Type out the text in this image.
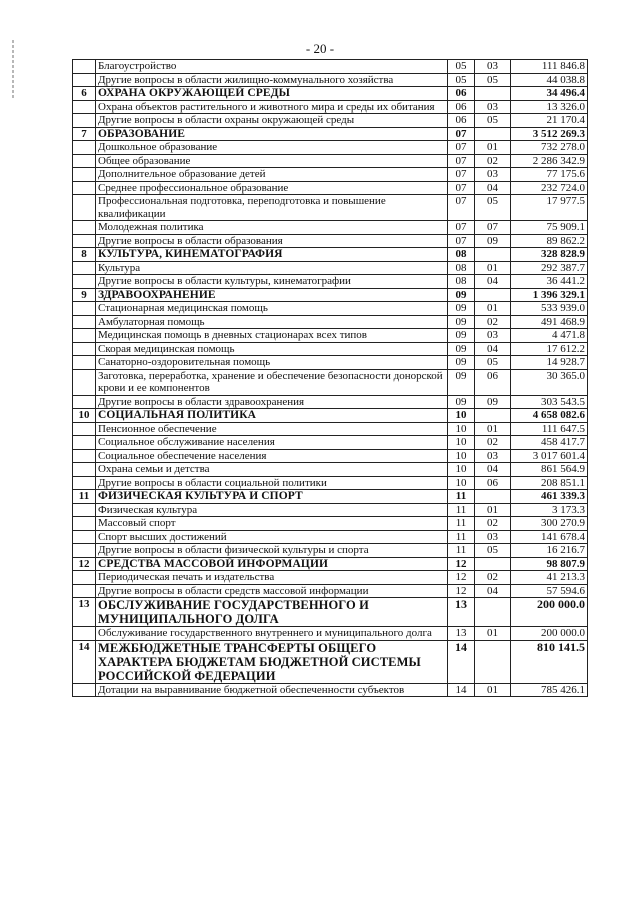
- 20 -
	Благоустройство	05	03	111 846.8
	Другие вопросы в области жилищно-коммунального хозяйства	05	05	44 038.8
6	ОХРАНА ОКРУЖАЮЩЕЙ СРЕДЫ	06		34 496.4
	Охрана объектов растительного и животного мира и среды их обитания	06	03	13 326.0
	Другие вопросы в области охраны окружающей среды	06	05	21 170.4
7	ОБРАЗОВАНИЕ	07		3 512 269.3
	Дошкольное образование	07	01	732 278.0
	Общее образование	07	02	2 286 342.9
	Дополнительное образование детей	07	03	77 175.6
	Среднее профессиональное образование	07	04	232 724.0
	Профессиональная подготовка, переподготовка и повышение квалификации	07	05	17 977.5
	Молодежная политика	07	07	75 909.1
	Другие вопросы в области образования	07	09	89 862.2
8	КУЛЬТУРА, КИНЕМАТОГРАФИЯ	08		328 828.9
	Культура	08	01	292 387.7
	Другие вопросы в области культуры, кинематографии	08	04	36 441.2
9	ЗДРАВООХРАНЕНИЕ	09		1 396 329.1
	Стационарная медицинская помощь	09	01	533 939.0
	Амбулаторная помощь	09	02	491 468.9
	Медицинская помощь в дневных стационарах всех типов	09	03	4 471.8
	Скорая медицинская помощь	09	04	17 612.2
	Санаторно-оздоровительная помощь	09	05	14 928.7
	Заготовка, переработка, хранение и обеспечение безопасности донорской крови и ее компонентов	09	06	30 365.0
	Другие вопросы в области здравоохранения	09	09	303 543.5
10	СОЦИАЛЬНАЯ ПОЛИТИКА	10		4 658 082.6
	Пенсионное обеспечение	10	01	111 647.5
	Социальное обслуживание населения	10	02	458 417.7
	Социальное обеспечение населения	10	03	3 017 601.4
	Охрана семьи и детства	10	04	861 564.9
	Другие вопросы в области социальной политики	10	06	208 851.1
11	ФИЗИЧЕСКАЯ КУЛЬТУРА И СПОРТ	11		461 339.3
	Физическая культура	11	01	3 173.3
	Массовый спорт	11	02	300 270.9
	Спорт высших достижений	11	03	141 678.4
	Другие вопросы в области физической культуры и спорта	11	05	16 216.7
12	СРЕДСТВА МАССОВОЙ ИНФОРМАЦИИ	12		98 807.9
	Периодическая печать и издательства	12	02	41 213.3
	Другие вопросы в области средств массовой информации	12	04	57 594.6
13	ОБСЛУЖИВАНИЕ ГОСУДАРСТВЕННОГО И МУНИЦИПАЛЬНОГО ДОЛГА	13		200 000.0
	Обслуживание государственного внутреннего и муниципального долга	13	01	200 000.0
14	МЕЖБЮДЖЕТНЫЕ ТРАНСФЕРТЫ ОБЩЕГО ХАРАКТЕРА БЮДЖЕТАМ БЮДЖЕТНОЙ СИСТЕМЫ РОССИЙСКОЙ ФЕДЕРАЦИИ	14		810 141.5
	Дотации на выравнивание бюджетной обеспеченности субъектов	14	01	785 426.1
